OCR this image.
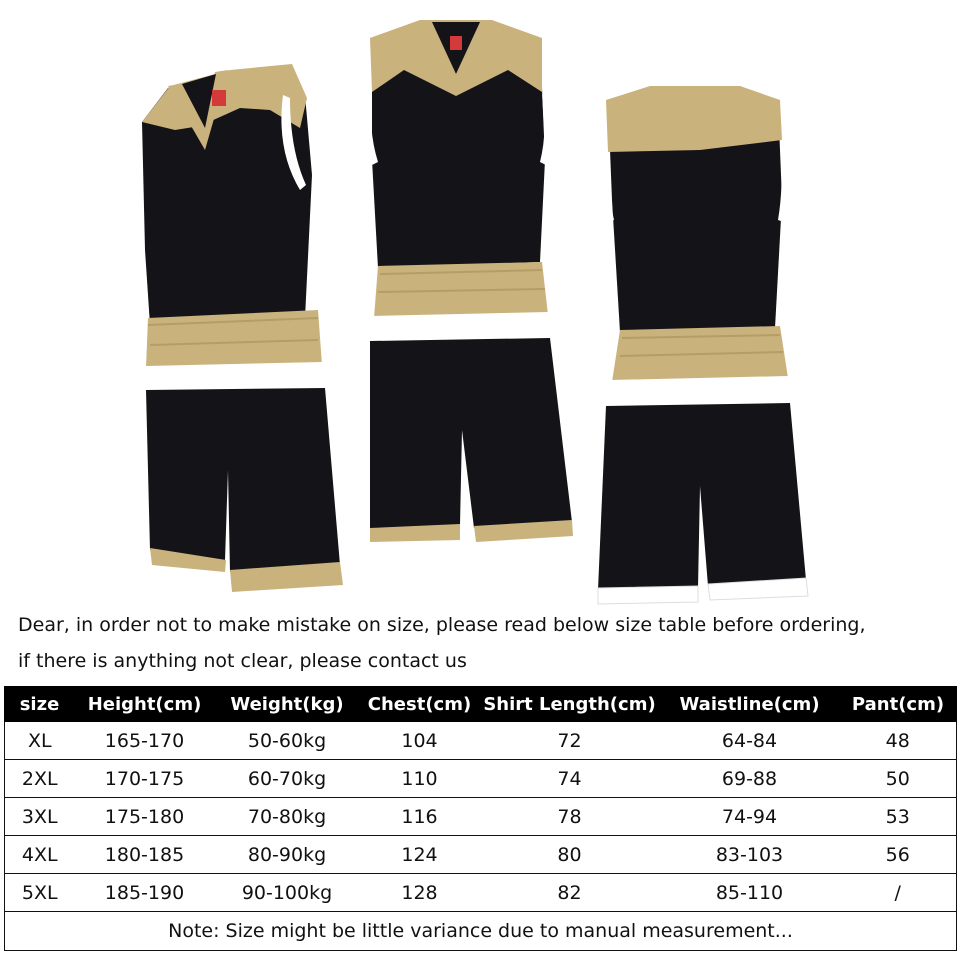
Dear, in order not to make mistake on size, please read below size table before ordering,
if there is anything not clear, please contact us
size	Height(cm)	Weight(kg)	Chest(cm)	Shirt Length(cm)	Waistline(cm)	Pant(cm)
XL	165-170	50-60kg	104	72	64-84	48
2XL	170-175	60-70kg	110	74	69-88	50
3XL	175-180	70-80kg	116	78	74-94	53
4XL	180-185	80-90kg	124	80	83-103	56
5XL	185-190	90-100kg	128	82	85-110	/
Note: Size might be little variance due to manual measurement...						
